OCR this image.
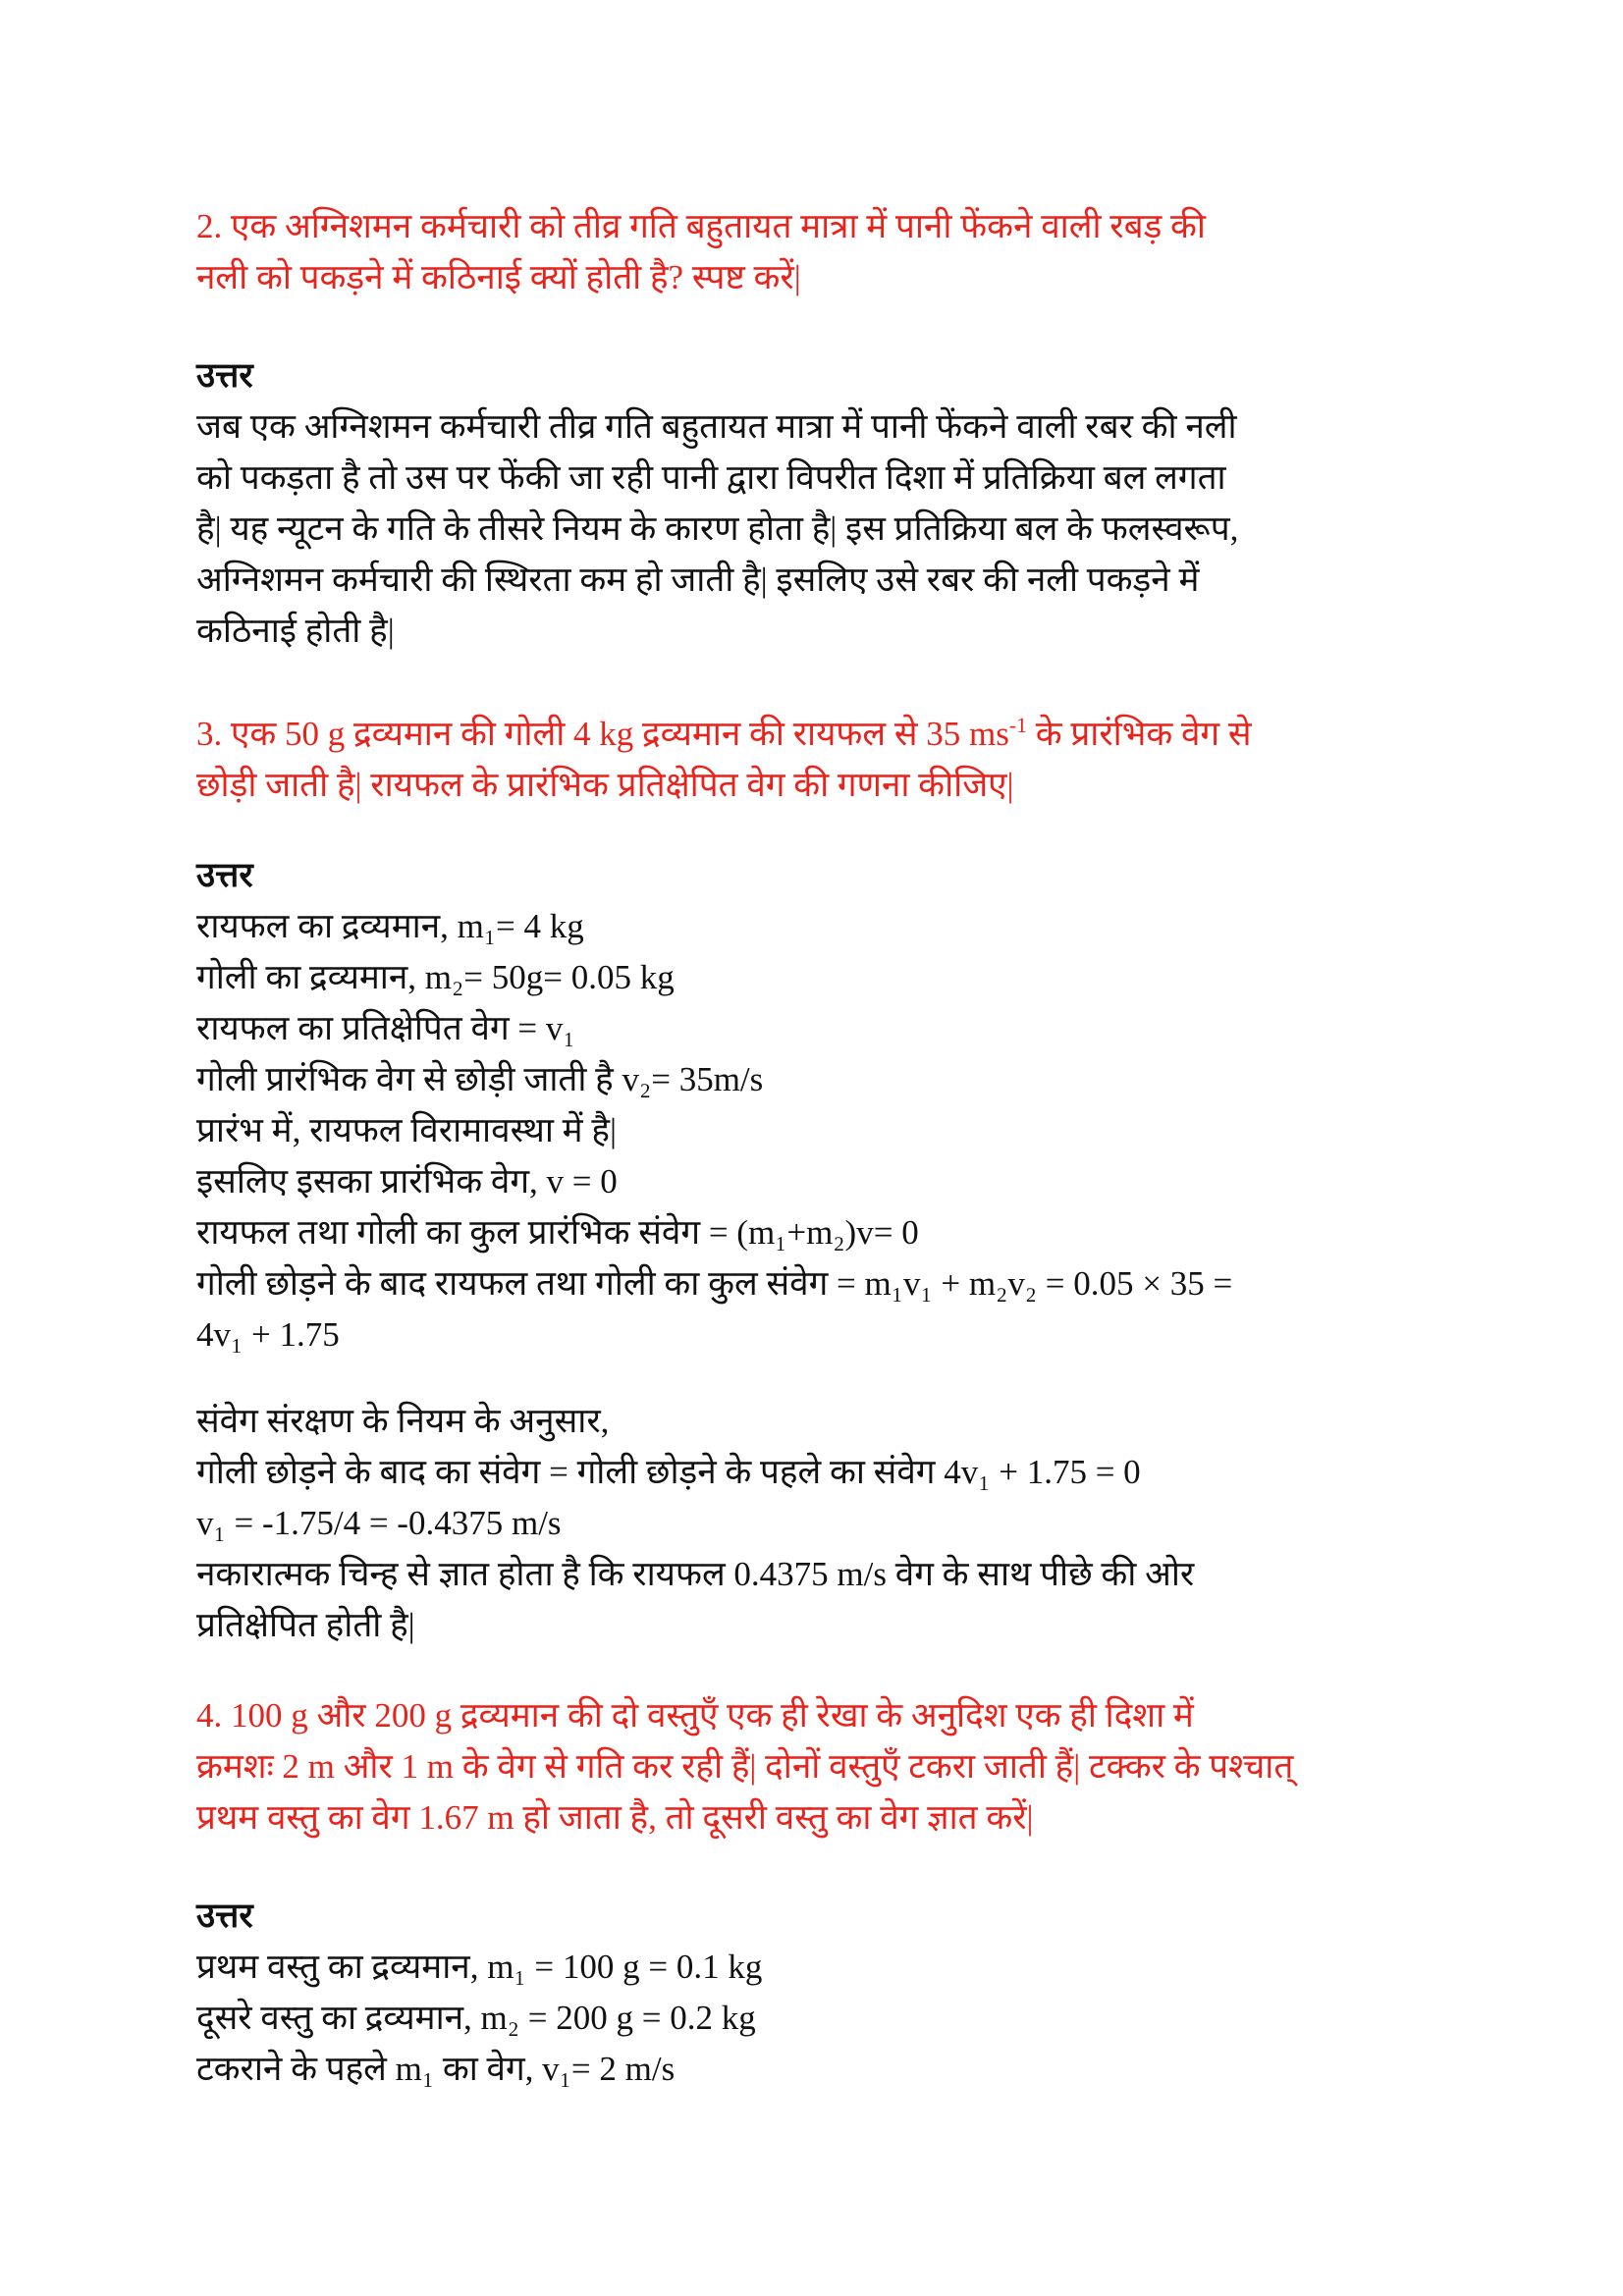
2. एक अग्निशमन कर्मचारी को तीव्र गति बहुतायत मात्रा में पानी फेंकने वाली रबड़ की
नली को पकड़ने में कठिनाई क्यों होती है? स्पष्ट करें|
उत्तर
जब एक अग्निशमन कर्मचारी तीव्र गति बहुतायत मात्रा में पानी फेंकने वाली रबर की नली
को पकड़ता है तो उस पर फेंकी जा रही पानी द्वारा विपरीत दिशा में प्रतिक्रिया बल लगता
है| यह न्यूटन के गति के तीसरे नियम के कारण होता है| इस प्रतिक्रिया बल के फलस्वरूप,
अग्निशमन कर्मचारी की स्थिरता कम हो जाती है| इसलिए उसे रबर की नली पकड़ने में
कठिनाई होती है|
3. एक 50 g द्रव्यमान की गोली 4 kg द्रव्यमान की रायफल से 35 $ms^{-1}$ के प्रारंभिक वेग से
छोड़ी जाती है| रायफल के प्रारंभिक प्रतिक्षेपित वेग की गणना कीजिए|
उत्तर
रायफल का द्रव्यमान, m₁= 4 kg
गोली का द्रव्यमान, m₂= 50g= 0.05 kg
रायफल का प्रतिक्षेपित वेग = v₁
गोली प्रारंभिक वेग से छोड़ी जाती है v₂= 35m/s
प्रारंभ में, रायफल विरामावस्था में है|
इसलिए इसका प्रारंभिक वेग, v = 0
रायफल तथा गोली का कुल प्रारंभिक संवेग = (m₁+m₂)v= 0
गोली छोड़ने के बाद रायफल तथा गोली का कुल संवेग = m₁v₁ + m₂v₂ = 0.05 × 35 =
4v₁ + 1.75
संवेग संरक्षण के नियम के अनुसार,
गोली छोड़ने के बाद का संवेग = गोली छोड़ने के पहले का संवेग 4v₁ + 1.75 = 0
v₁ = -1.75/4 = -0.4375 m/s
नकारात्मक चिन्ह से ज्ञात होता है कि रायफल 0.4375 m/s वेग के साथ पीछे की ओर
प्रतिक्षेपित होती है|
4. 100 g और 200 g द्रव्यमान की दो वस्तुएँ एक ही रेखा के अनुदिश एक ही दिशा में
क्रमशः 2 m और 1 m के वेग से गति कर रही हैं| दोनों वस्तुएँ टकरा जाती हैं| टक्कर के पश्चात्
प्रथम वस्तु का वेग 1.67 m हो जाता है, तो दूसरी वस्तु का वेग ज्ञात करें|
उत्तर
प्रथम वस्तु का द्रव्यमान, m₁ = 100 g = 0.1 kg
दूसरे वस्तु का द्रव्यमान, m₂ = 200 g = 0.2 kg
टकराने के पहले m₁ का वेग, v₁= 2 m/s
